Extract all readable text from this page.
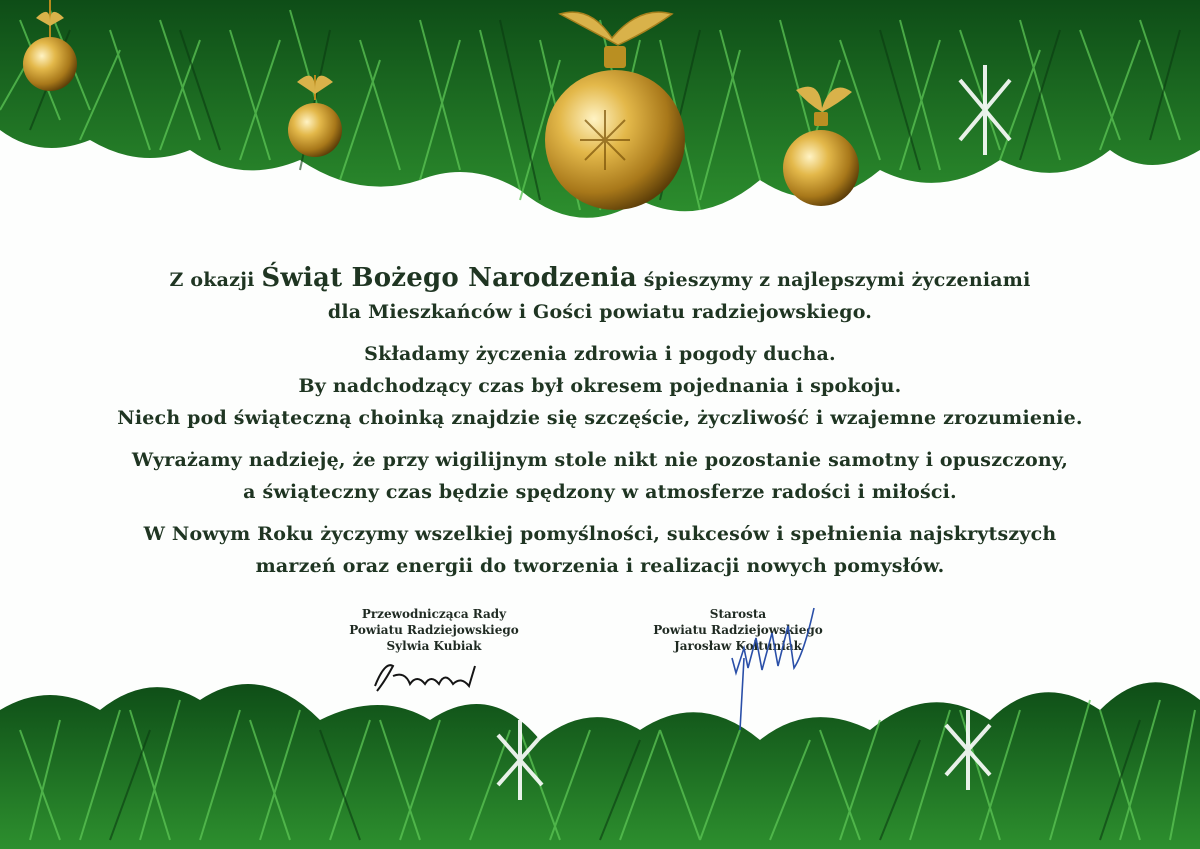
Z okazji Świąt Bożego Narodzenia śpieszymy z najlepszymi życzeniami

dla Mieszkańców i Gości powiatu radziejowskiego.

Składamy życzenia zdrowia i pogody ducha.

By nadchodzący czas był okresem pojednania i spokoju.

Niech pod świąteczną choinką znajdzie się szczęście, życzliwość i wzajemne zrozumienie.

Wyrażamy nadzieję, że przy wigilijnym stole nikt nie pozostanie samotny i opuszczony,

a świąteczny czas będzie spędzony w atmosferze radości i miłości.

W Nowym Roku życzymy wszelkiej pomyślności, sukcesów i spełnienia najskrytszych

marzeń oraz energii do tworzenia i realizacji nowych pomysłów.

Przewodnicząca Rady
Powiatu Radziejowskiego
Sylwia Kubiak
Starosta
Powiatu Radziejowskiego
Jarosław Kołtuniak
